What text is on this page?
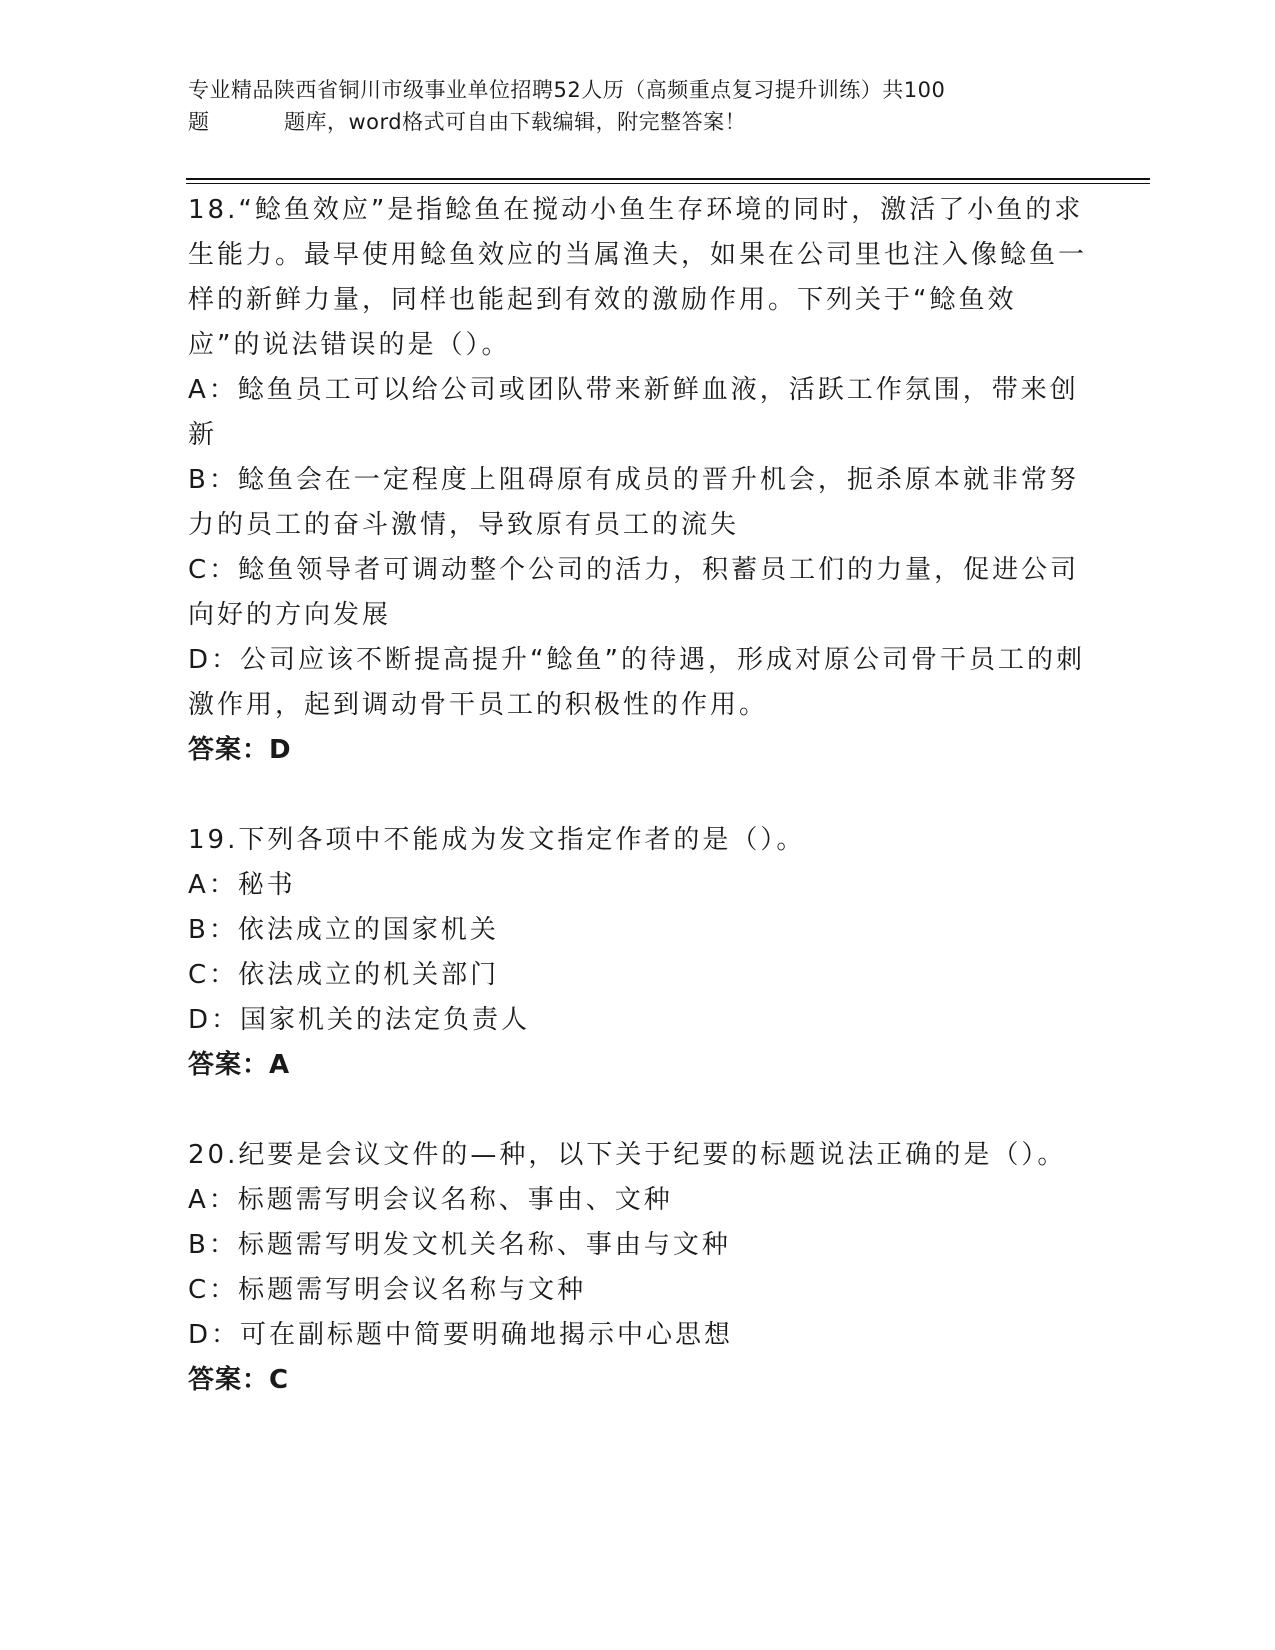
专业精品陕西省铜川市级事业单位招聘52人历（高频重点复习提升训练）共100
题	题库，word格式可自由下载编辑，附完整答案！

18.“鲶鱼效应”是指鲶鱼在搅动小鱼生存环境的同时，激活了小鱼的求生能力。最早使用鲶鱼效应的当属渔夫，如果在公司里也注入像鲶鱼一样的新鲜力量，同样也能起到有效的激励作用。下列关于“鲶鱼效应”的说法错误的是（）。

A：鲶鱼员工可以给公司或团队带来新鲜血液，活跃工作氛围，带来创新

B：鲶鱼会在一定程度上阻碍原有成员的晋升机会，扼杀原本就非常努力的员工的奋斗激情，导致原有员工的流失

C：鲶鱼领导者可调动整个公司的活力，积蓄员工们的力量，促进公司向好的方向发展

D：公司应该不断提高提升“鲶鱼”的待遇，形成对原公司骨干员工的刺激作用，起到调动骨干员工的积极性的作用。

答案：D

19.下列各项中不能成为发文指定作者的是（）。

A：秘书

B：依法成立的国家机关

C：依法成立的机关部门

D：国家机关的法定负责人

答案：A

20.纪要是会议文件的—种，以下关于纪要的标题说法正确的是（）。

A：标题需写明会议名称、事由、文种

B：标题需写明发文机关名称、事由与文种

C：标题需写明会议名称与文种

D：可在副标题中简要明确地揭示中心思想

答案：C
